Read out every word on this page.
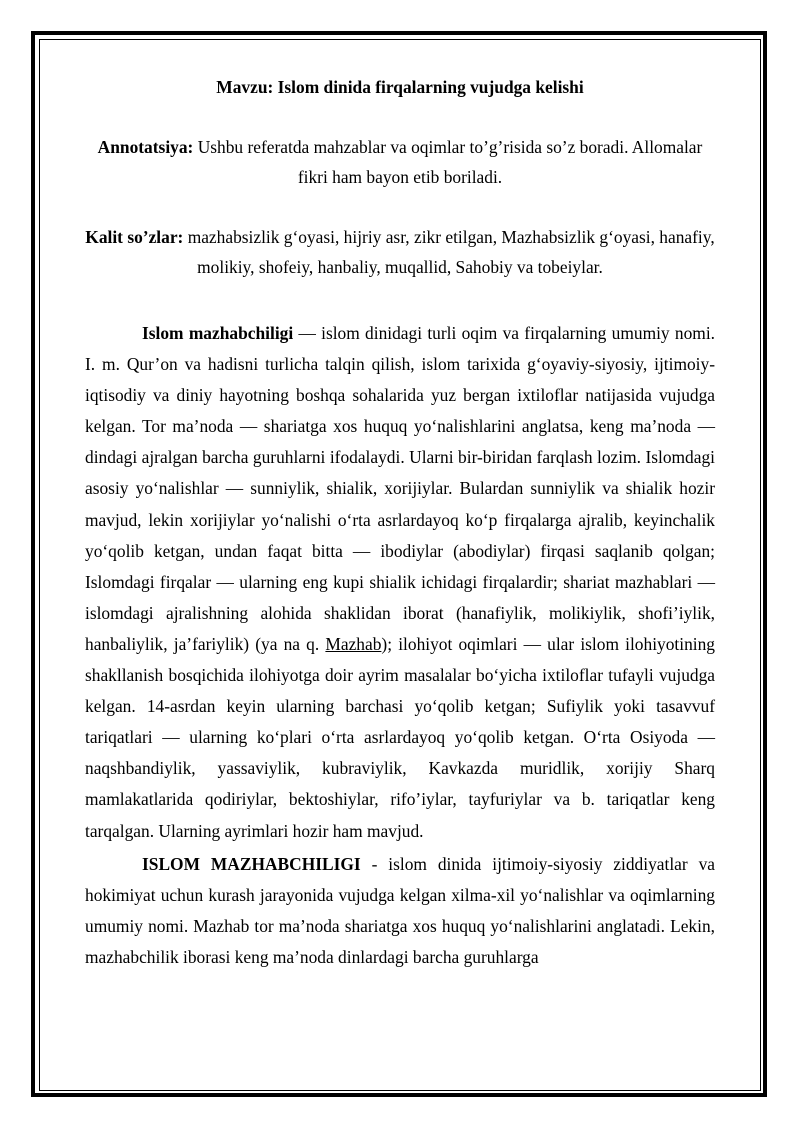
Mavzu: Islom dinida firqalarning vujudga kelishi

Annotatsiya: Ushbu referatda mahzablar va oqimlar to’g’risida so’z boradi. Allomalar fikri ham bayon etib boriladi.

Kalit so’zlar: mazhabsizlik g‘oyasi, hijriy asr, zikr etilgan, Mazhabsizlik g‘oyasi, hanafiy, molikiy, shofeiy, hanbaliy, muqallid, Sahobiy va tobeiylar.

Islom mazhabchiligi — islom dinidagi turli oqim va firqalarning umumiy nomi. I. m. Qur’on va hadisni turlicha talqin qilish, islom tarixida g‘oyaviy-siyosiy, ijtimoiy-iqtisodiy va diniy hayotning boshqa sohalarida yuz bergan ixtiloflar natijasida vujudga kelgan. Tor ma’noda — shariatga xos huquq yo‘nalishlarini anglatsa, keng ma’noda — dindagi ajralgan barcha guruhlarni ifodalaydi. Ularni bir-biridan farqlash lozim. Islomdagi asosiy yo‘nalishlar — sunniylik, shialik, xorijiylar. Bulardan sunniylik va shialik hozir mavjud, lekin xorijiylar yo‘nalishi o‘rta asrlardayoq ko‘p firqalarga ajralib, keyinchalik yo‘qolib ketgan, undan faqat bitta — ibodiylar (abodiylar) firqasi saqlanib qolgan; Islomdagi firqalar — ularning eng kupi shialik ichidagi firqalardir; shariat mazhablari — islomdagi ajralishning alohida shaklidan iborat (hanafiylik, molikiylik, shofi’iylik, hanbaliylik, ja’fariylik) (ya na q. Mazhab); ilohiyot oqimlari — ular islom ilohiyotining shakllanish bosqichida ilohiyotga doir ayrim masalalar bo‘yicha ixtiloflar tufayli vujudga kelgan. 14-asrdan keyin ularning barchasi yo‘qolib ketgan; Sufiylik yoki tasavvuf tariqatlari — ularning ko‘plari o‘rta asrlardayoq yo‘qolib ketgan. O‘rta Osiyoda — naqshbandiylik, yassaviylik, kubraviylik, Kavkazda muridlik, xorijiy Sharq mamlakatlarida qodiriylar, bektoshiylar, rifo’iylar, tayfuriylar va b. tariqatlar keng tarqalgan. Ularning ayrimlari hozir ham mavjud.

ISLOM MAZHABCHILIGI - islom dinida ijtimoiy-siyosiy ziddiyatlar va hokimiyat uchun kurash jarayonida vujudga kelgan xilma-xil yo‘nalishlar va oqimlarning umumiy nomi. Mazhab tor ma’noda shariatga xos huquq yo‘nalishlarini anglatadi. Lekin, mazhabchilik iborasi keng ma’noda dinlardagi barcha guruhlarga
